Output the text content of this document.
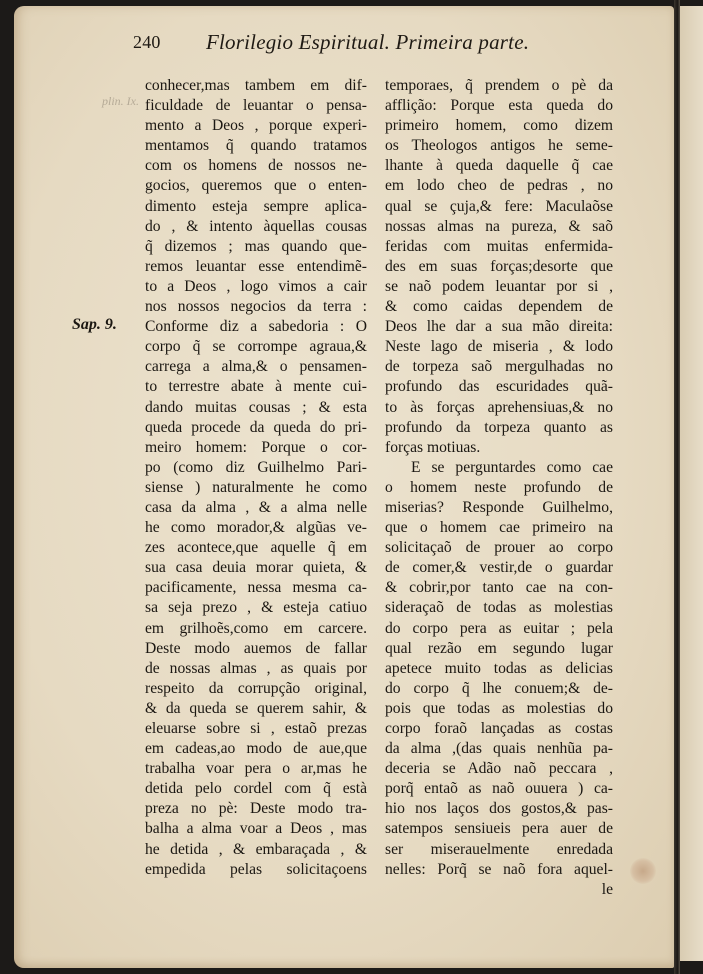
plin. Ix.
240 Florilegio Espiritual. Primeira parte.
Sap. 9.
conhecer,mas tambem em dif-
ficuldade de leuantar o pensa-
mento a Deos , porque experi-
mentamos q̃ quando tratamos
com os homens de nossos ne-
gocios, queremos que o enten-
dimento esteja sempre aplica-
do , & intento àquellas cousas
q̃ dizemos ; mas quando que-
remos leuantar esse entendimẽ-
to a Deos , logo vimos a cair
nos nossos negocios da terra :
Conforme diz a sabedoria : O
corpo q̃ se corrompe agraua,&
carrega a alma,& o pensamen-
to terrestre abate à mente cui-
dando muitas cousas ; & esta
queda procede da queda do pri-
meiro homem: Porque o cor-
po (como diz Guilhelmo Pari-
siense ) naturalmente he como
casa da alma , & a alma nelle
he como morador,& algũas ve-
zes acontece,que aquelle q̃ em
sua casa deuia morar quieta, &
pacificamente, nessa mesma ca-
sa seja prezo , & esteja catiuo
em grilhoẽs,como em carcere.
Deste modo auemos de fallar
de nossas almas , as quais por
respeito da corrupção original,
& da queda se querem sahir, &
eleuarse sobre si , estaõ prezas
em cadeas,ao modo de aue,que
trabalha voar pera o ar,mas he
detida pelo cordel com q̃ està
preza no pè: Deste modo tra-
balha a alma voar a Deos , mas
he detida , & embaraçada , &
empedida pelas solicitaçoens
temporaes, q̃ prendem o pè da
afflição: Porque esta queda do
primeiro homem, como dizem
os Theologos antigos he seme-
lhante à queda daquelle q̃ cae
em lodo cheo de pedras , no
qual se çuja,& fere: Maculaõse
nossas almas na pureza, & saõ
feridas com muitas enfermida-
des em suas forças;desorte que
se naõ podem leuantar por si ,
& como caidas dependem de
Deos lhe dar a sua mão direita:
Neste lago de miseria , & lodo
de torpeza saõ mergulhadas no
profundo das escuridades quã-
to às forças aprehensiuas,& no
profundo da torpeza quanto as
forças motiuas.
E se perguntardes como cae
o homem neste profundo de
miserias? Responde Guilhelmo,
que o homem cae primeiro na
solicitaçaõ de prouer ao corpo
de comer,& vestir,de o guardar
& cobrir,por tanto cae na con-
sideraçaõ de todas as molestias
do corpo pera as euitar ; pela
qual rezão em segundo lugar
apetece muito todas as delicias
do corpo q̃ lhe conuem;& de-
pois que todas as molestias do
corpo foraõ lançadas as costas
da alma ,(das quais nenhũa pa-
deceria se Adão naõ peccara ,
porq̃ entaõ as naõ ouuera ) ca-
hio nos laços dos gostos,& pas-
satempos sensiueis pera auer de
ser miserauelmente enredada
nelles: Porq̃ se naõ fora aquel-
le
